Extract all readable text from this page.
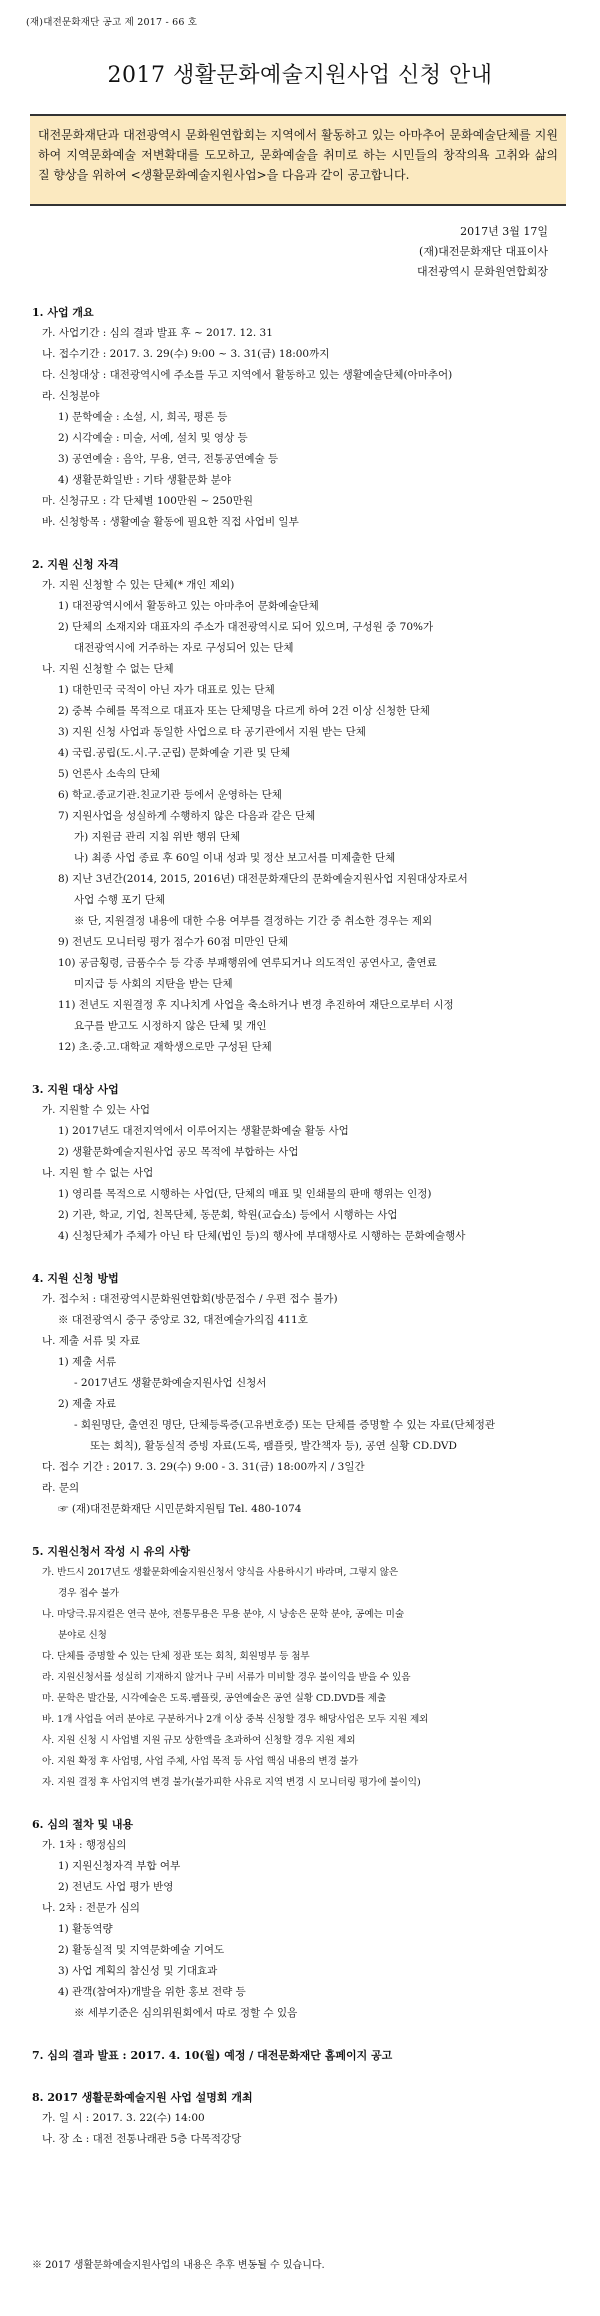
(재)대전문화재단 공고 제 2017 - 66 호
2017 생활문화예술지원사업 신청 안내
대전문화재단과 대전광역시 문화원연합회는 지역에서 활동하고 있는 아마추어 문화예술단체를 지원하여 지역문화예술 저변확대를 도모하고, 문화예술을 취미로 하는 시민들의 창작의욕 고취와 삶의 질 향상을 위하여 <생활문화예술지원사업>을 다음과 같이 공고합니다.
2017년 3월 17일
(재)대전문화재단 대표이사
대전광역시 문화원연합회장
1. 사업 개요
가. 사업기간 : 심의 결과 발표 후 ~ 2017. 12. 31
나. 접수기간 : 2017. 3. 29(수) 9:00 ~ 3. 31(금) 18:00까지
다. 신청대상 : 대전광역시에 주소를 두고 지역에서 활동하고 있는 생활예술단체(아마추어)
라. 신청분야
1) 문학예술 : 소설, 시, 희곡, 평론 등
2) 시각예술 : 미술, 서예, 설치 및 영상 등
3) 공연예술 : 음악, 무용, 연극, 전통공연예술 등
4) 생활문화일반 : 기타 생활문화 분야
마. 신청규모 : 각 단체별 100만원 ~ 250만원
바. 신청항목 : 생활예술 활동에 필요한 직접 사업비 일부
2. 지원 신청 자격
가. 지원 신청할 수 있는 단체(* 개인 제외)
1) 대전광역시에서 활동하고 있는 아마추어 문화예술단체
2) 단체의 소재지와 대표자의 주소가 대전광역시로 되어 있으며, 구성원 중 70%가
대전광역시에 거주하는 자로 구성되어 있는 단체
나. 지원 신청할 수 없는 단체
1) 대한민국 국적이 아닌 자가 대표로 있는 단체
2) 중복 수혜를 목적으로 대표자 또는 단체명을 다르게 하여 2건 이상 신청한 단체
3) 지원 신청 사업과 동일한 사업으로 타 공기관에서 지원 받는 단체
4) 국립․공립(도․시․구․군립) 문화예술 기관 및 단체
5) 언론사 소속의 단체
6) 학교․종교기관․친교기관 등에서 운영하는 단체
7) 지원사업을 성실하게 수행하지 않은 다음과 같은 단체
가) 지원금 관리 지침 위반 행위 단체
나) 최종 사업 종료 후 60일 이내 성과 및 정산 보고서를 미제출한 단체
8) 지난 3년간(2014, 2015, 2016년) 대전문화재단의 문화예술지원사업 지원대상자로서
사업 수행 포기 단체
※ 단, 지원결정 내용에 대한 수용 여부를 결정하는 기간 중 취소한 경우는 제외
9) 전년도 모니터링 평가 점수가 60점 미만인 단체
10) 공금횡령, 금품수수 등 각종 부패행위에 연루되거나 의도적인 공연사고, 출연료
미지급 등 사회의 지탄을 받는 단체
11) 전년도 지원결정 후 지나치게 사업을 축소하거나 변경 추진하여 재단으로부터 시정
요구를 받고도 시정하지 않은 단체 및 개인
12) 초․중․고․대학교 재학생으로만 구성된 단체
3. 지원 대상 사업
가. 지원할 수 있는 사업
1) 2017년도 대전지역에서 이루어지는 생활문화예술 활동 사업
2) 생활문화예술지원사업 공모 목적에 부합하는 사업
나. 지원 할 수 없는 사업
1) 영리를 목적으로 시행하는 사업(단, 단체의 매표 및 인쇄물의 판매 행위는 인정)
2) 기관, 학교, 기업, 친목단체, 동문회, 학원(교습소) 등에서 시행하는 사업
4) 신청단체가 주체가 아닌 타 단체(법인 등)의 행사에 부대행사로 시행하는 문화예술행사
4. 지원 신청 방법
가. 접수처 : 대전광역시문화원연합회(방문접수 / 우편 접수 불가)
※ 대전광역시 중구 중앙로 32, 대전예술가의집 411호
나. 제출 서류 및 자료
1) 제출 서류
- 2017년도 생활문화예술지원사업 신청서
2) 제출 자료
- 회원명단, 출연진 명단, 단체등록증(고유번호증) 또는 단체를 증명할 수 있는 자료(단체정관
또는 회칙), 활동실적 증빙 자료(도록, 팸플릿, 발간책자 등), 공연 실황 CD․DVD
다. 접수 기간 : 2017. 3. 29(수) 9:00 - 3. 31(금) 18:00까지 / 3일간
라. 문의
☞ (재)대전문화재단 시민문화지원팀 Tel. 480-1074
5. 지원신청서 작성 시 유의 사항
가. 반드시 2017년도 생활문화예술지원신청서 양식을 사용하시기 바라며, 그렇지 않은
경우 접수 불가
나. 마당극․뮤지컬은 연극 분야, 전통무용은 무용 분야, 시 낭송은 문학 분야, 공예는 미술
분야로 신청
다. 단체를 증명할 수 있는 단체 정관 또는 회칙, 회원명부 등 첨부
라. 지원신청서를 성실히 기재하지 않거나 구비 서류가 미비할 경우 불이익을 받을 수 있음
마. 문학은 발간물, 시각예술은 도록․팸플릿, 공연예술은 공연 실황 CD․DVD를 제출
바. 1개 사업을 여러 분야로 구분하거나 2개 이상 중복 신청할 경우 해당사업은 모두 지원 제외
사. 지원 신청 시 사업별 지원 규모 상한액을 초과하여 신청할 경우 지원 제외
아. 지원 확정 후 사업명, 사업 주체, 사업 목적 등 사업 핵심 내용의 변경 불가
자. 지원 결정 후 사업지역 변경 불가(불가피한 사유로 지역 변경 시 모니터링 평가에 불이익)
6. 심의 절차 및 내용
가. 1차 : 행정심의
1) 지원신청자격 부합 여부
2) 전년도 사업 평가 반영
나. 2차 : 전문가 심의
1) 활동역량
2) 활동실적 및 지역문화예술 기여도
3) 사업 계획의 참신성 및 기대효과
4) 관객(참여자)개발을 위한 홍보 전략 등
※ 세부기준은 심의위원회에서 따로 정할 수 있음
7. 심의 결과 발표 : 2017. 4. 10(월) 예정 / 대전문화재단 홈페이지 공고
8. 2017 생활문화예술지원 사업 설명회 개최
가. 일 시 : 2017. 3. 22(수) 14:00
나. 장 소 : 대전 전통나래관 5층 다목적강당
※ 2017 생활문화예술지원사업의 내용은 추후 변동될 수 있습니다.
